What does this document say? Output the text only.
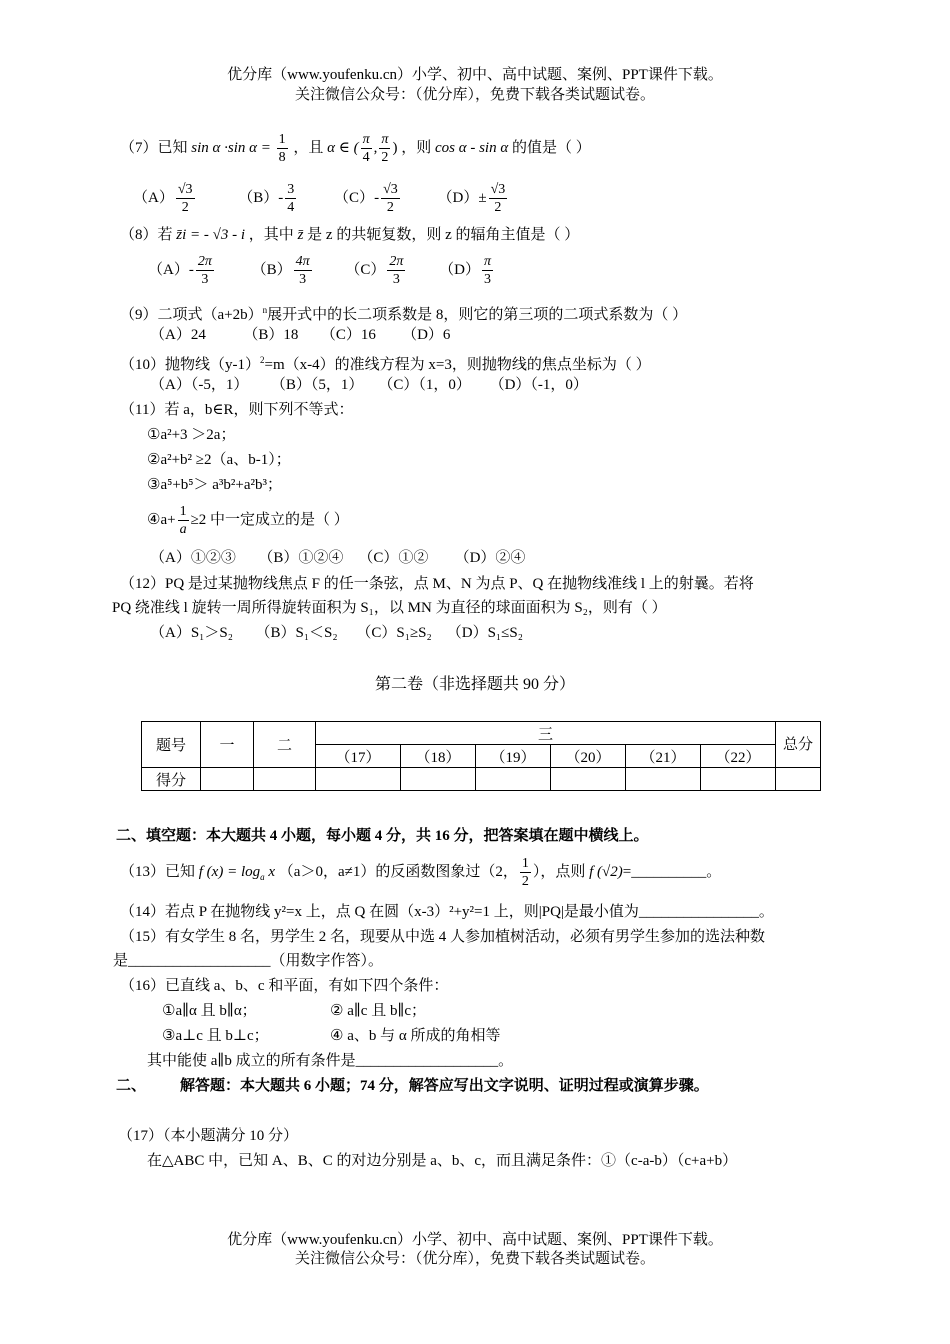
优分库（www.youfenku.cn）小学、初中、高中试题、案例、PPT课件下载。
关注微信公众号：（优分库），免费下载各类试题试卷。
（7）已知 sin α ·sin $\alpha = \frac{1}{8}$ ，且 α ∈ ( $\frac{\pi}{4}$ , $\frac{\pi}{2}$ ) ，则 cos α - sin α 的值是（ ）
$(A) \frac{√3}{2}$	$(B)- \frac{3}{4}$	$(C)- \frac{√3}{2}$	$(D)\pm \frac{√3}{2}$
（8）若 z̄i = - √3 - i ，其中 z̄ 是 z 的共轭复数，则 z 的辐角主值是（ ）
$(A)- \frac{2\pi}{3}$	$(B) \frac{4\pi}{3} (C) \frac{2\pi}{3} (D) \frac{\pi}{3}$
（9）二项式$(a+2b)^n$展开式中的长二项系数是 8，则它的第三项的二项式系数为（ ）
（A）24          （B）18      （C）16       （D）6
（10）抛物线$(y-1)^2=m(x-4)$的准线方程为 x=3，则抛物线的焦点坐标为（ ）
（A）（-5，1）      （B）（5，1）    （C）（1，0）     （D）（-1，0）
（11）若 a，b∈R，则下列不等式：
①a²+3 ＞2a；
②a²+b² ≥2（a、b-1）；
③a⁵+b⁵＞ a³b²+a²b³；
④a+ $\frac{1}{a} \ge 2$ 中一定成立的是（ ）
（A）①②③      （B）①②④    （C）①②       （D）②④
（12）PQ 是过某抛物线焦点 F 的任一条弦，点 M、N 为点 P、Q 在抛物线准线 l 上的射曩。若将
PQ 绕准线 l 旋转一周所得旋转面积为 S₁，以 MN 为直径的球面面积为 S₂，则有（ ）
（A）S₁＞S₂      （B）S₁＜S₂     （C）S₁≥S₂    （D）S₁≤S₂
第二卷（非选择题共 90 分）
题号	一	二	三						总分
			（17）	（18）	（19）	（20）	（21）	（22）	
得分									
二、填空题：本大题共 4 小题，每小题 4 分，共 16 分，把答案填在题中横线上。
（13）已知 f $(x) = \log_a x$ （a＞0，a≠1）的反函数图象过（2， $\frac{1}{2}$ ），点则 f (√2)=__________。
（14）若点 P 在抛物线 y²=x 上，点 Q 在圆（x-3）²+y²=1 上，则|PQ|是最小值为________________。
（15）有女学生 8 名，男学生 2 名，现要从中选 4 人参加植树活动，必须有男学生参加的选法种数
是___________________（用数字作答）。
（16）已直线 a、b、c 和平面，有如下四个条件：
①a∥α 且 b∥α；	② a∥c 且 b∥c；
③a⊥c 且 b⊥c；	④ a、b 与 α 所成的角相等
其中能使 a∥b 成立的所有条件是___________________。
二、 解答题：本大题共 6 小题；74 分，解答应写出文字说明、证明过程或演算步骤。
（17）（本小题满分 10 分）
在△ABC 中，已知 A、B、C 的对边分别是 a、b、c，而且满足条件：①（c-a-b）（c+a+b）
优分库（www.youfenku.cn）小学、初中、高中试题、案例、PPT课件下载。
关注微信公众号：（优分库），免费下载各类试题试卷。
